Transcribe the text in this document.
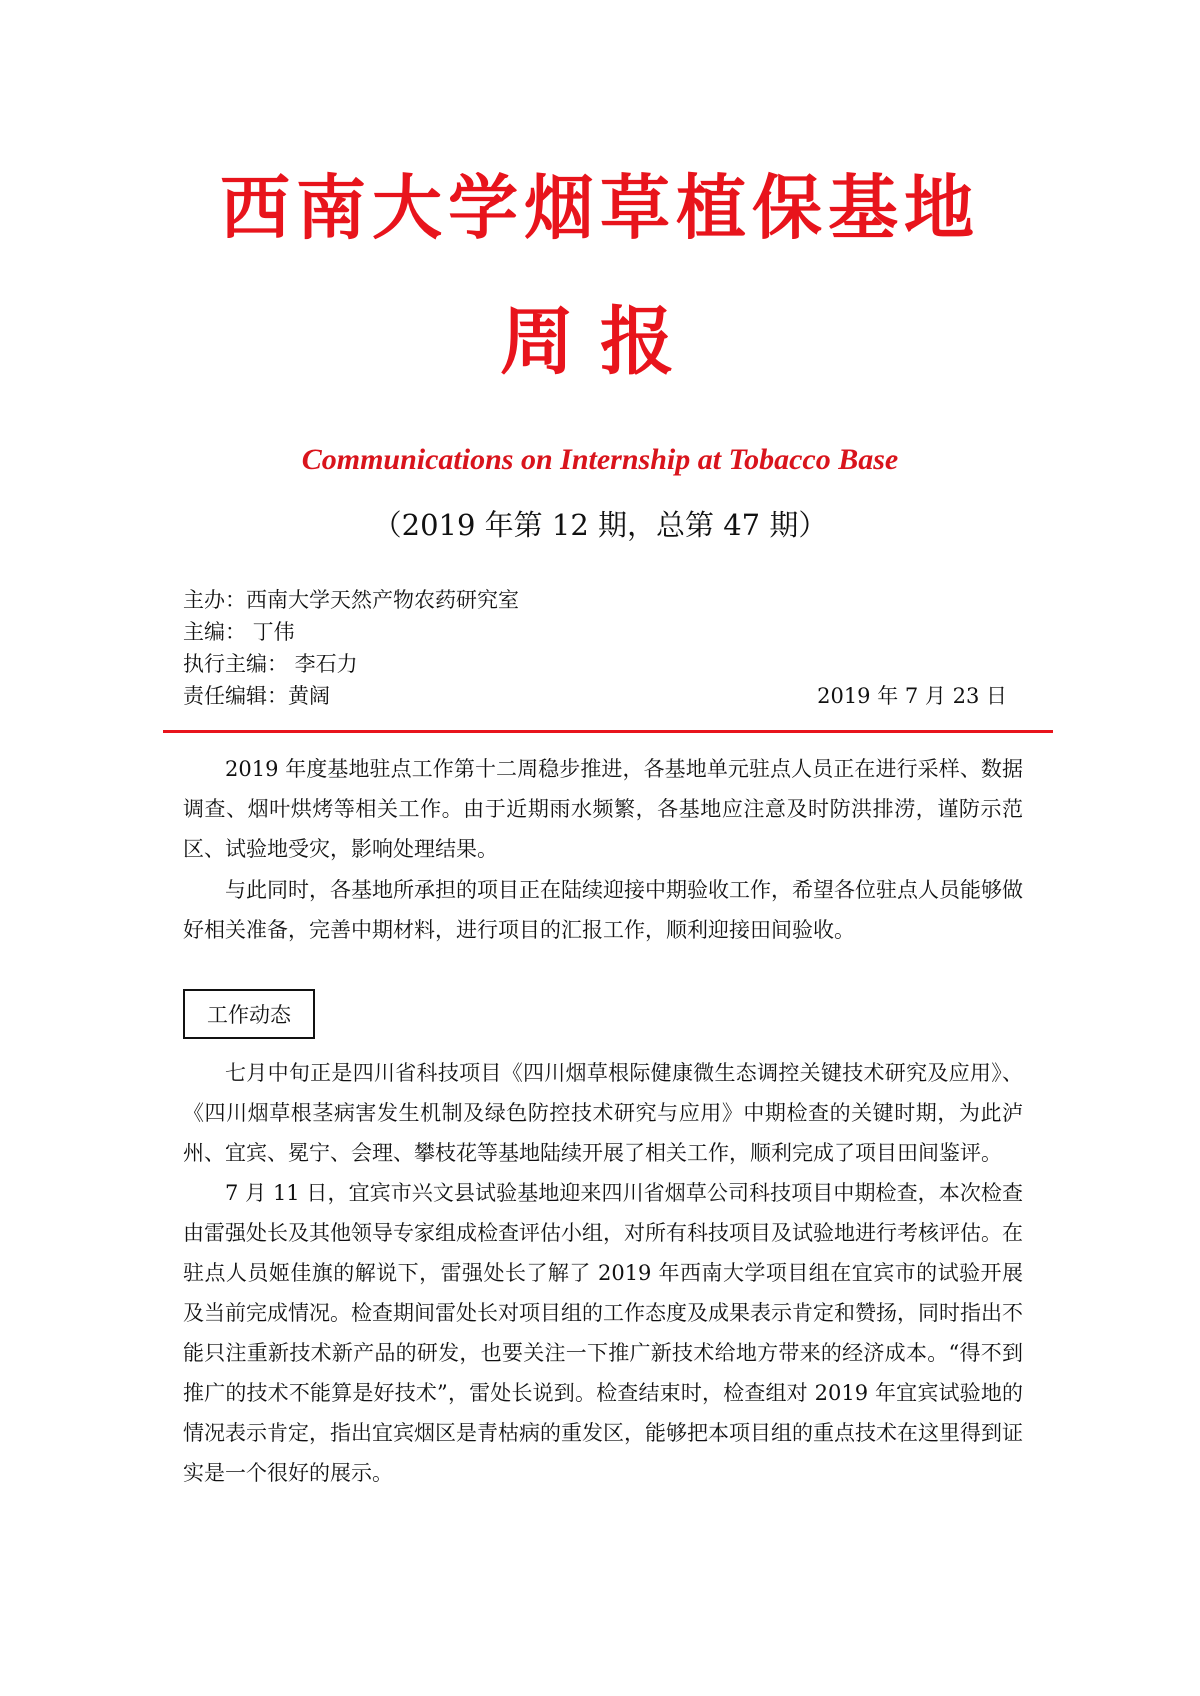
西南大学烟草植保基地
周报
Communications on Internship at Tobacco Base
（2019 年第 12 期，总第 47 期）
主办：西南大学天然产物农药研究室
主编： 丁伟
执行主编： 李石力
责任编辑：黄阔	2019 年 7 月 23 日

2019 年度基地驻点工作第十二周稳步推进，各基地单元驻点人员正在进行采样、数据调查、烟叶烘烤等相关工作。由于近期雨水频繁，各基地应注意及时防洪排涝，谨防示范区、试验地受灾，影响处理结果。

与此同时，各基地所承担的项目正在陆续迎接中期验收工作，希望各位驻点人员能够做好相关准备，完善中期材料，进行项目的汇报工作，顺利迎接田间验收。

工作动态

七月中旬正是四川省科技项目《四川烟草根际健康微生态调控关键技术研究及应用》、《四川烟草根茎病害发生机制及绿色防控技术研究与应用》中期检查的关键时期，为此泸州、宜宾、冕宁、会理、攀枝花等基地陆续开展了相关工作，顺利完成了项目田间鉴评。

7 月 11 日，宜宾市兴文县试验基地迎来四川省烟草公司科技项目中期检查，本次检查由雷强处长及其他领导专家组成检查评估小组，对所有科技项目及试验地进行考核评估。在驻点人员姬佳旗的解说下，雷强处长了解了 2019 年西南大学项目组在宜宾市的试验开展及当前完成情况。检查期间雷处长对项目组的工作态度及成果表示肯定和赞扬，同时指出不能只注重新技术新产品的研发，也要关注一下推广新技术给地方带来的经济成本。“得不到推广的技术不能算是好技术”，雷处长说到。检查结束时，检查组对 2019 年宜宾试验地的情况表示肯定，指出宜宾烟区是青枯病的重发区，能够把本项目组的重点技术在这里得到证实是一个很好的展示。
